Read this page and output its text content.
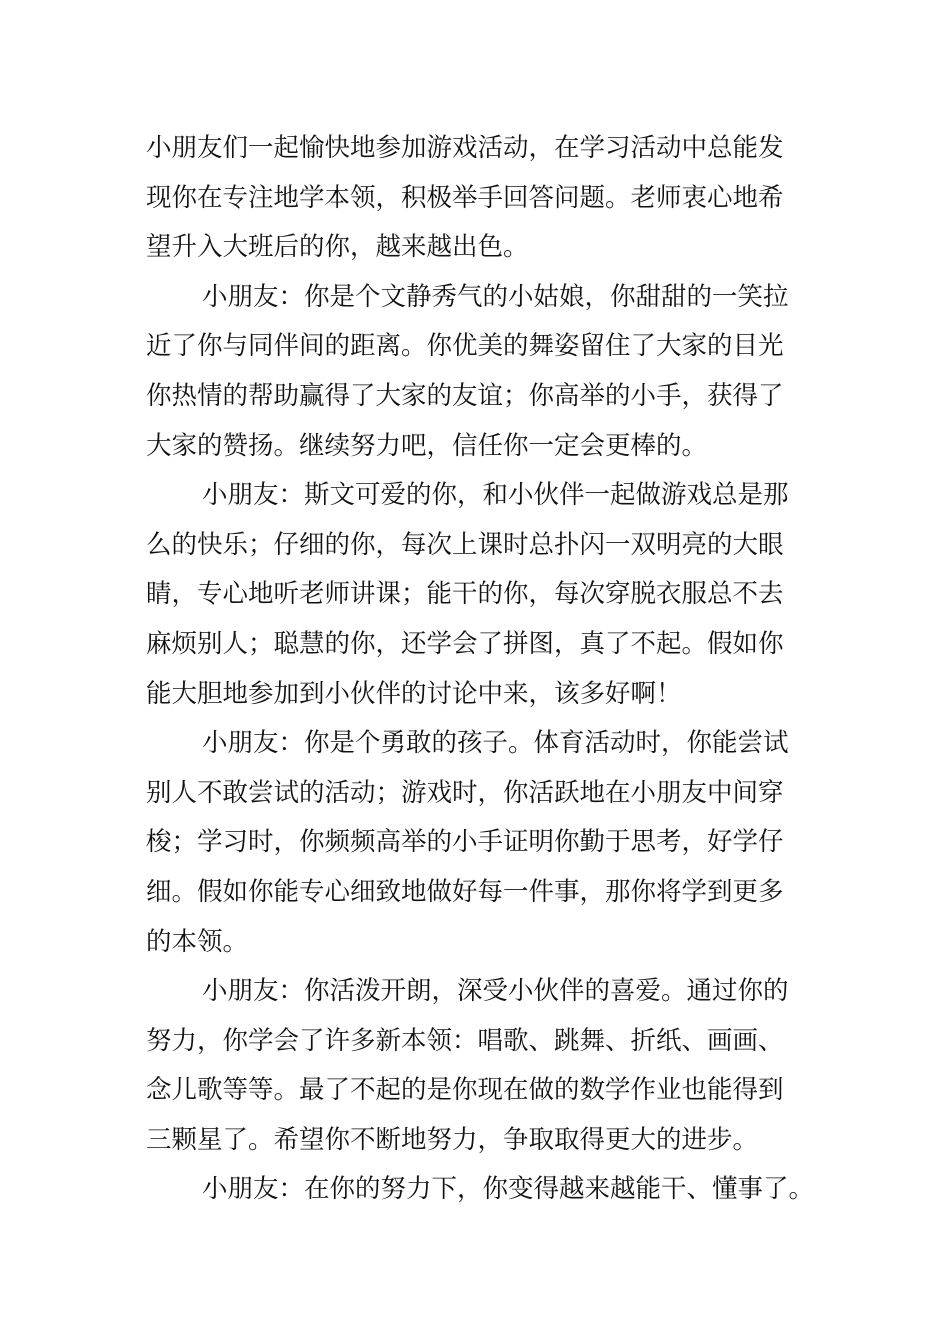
小朋友们一起愉快地参加游戏活动，在学习活动中总能发
现你在专注地学本领，积极举手回答问题。老师衷心地希
望升入大班后的你，越来越出色。
小朋友：你是个文静秀气的小姑娘，你甜甜的一笑拉
近了你与同伴间的距离。你优美的舞姿留住了大家的目光
你热情的帮助赢得了大家的友谊；你高举的小手，获得了
大家的赞扬。继续努力吧，信任你一定会更棒的。
小朋友：斯文可爱的你，和小伙伴一起做游戏总是那
么的快乐；仔细的你，每次上课时总扑闪一双明亮的大眼
睛，专心地听老师讲课；能干的你，每次穿脱衣服总不去
麻烦别人；聪慧的你，还学会了拼图，真了不起。假如你
能大胆地参加到小伙伴的讨论中来，该多好啊！
小朋友：你是个勇敢的孩子。体育活动时，你能尝试
别人不敢尝试的活动；游戏时，你活跃地在小朋友中间穿
梭；学习时，你频频高举的小手证明你勤于思考，好学仔
细。假如你能专心细致地做好每一件事，那你将学到更多
的本领。
小朋友：你活泼开朗，深受小伙伴的喜爱。通过你的
努力，你学会了许多新本领：唱歌、跳舞、折纸、画画、
念儿歌等等。最了不起的是你现在做的数学作业也能得到
三颗星了。希望你不断地努力，争取取得更大的进步。
小朋友：在你的努力下，你变得越来越能干、懂事了。
